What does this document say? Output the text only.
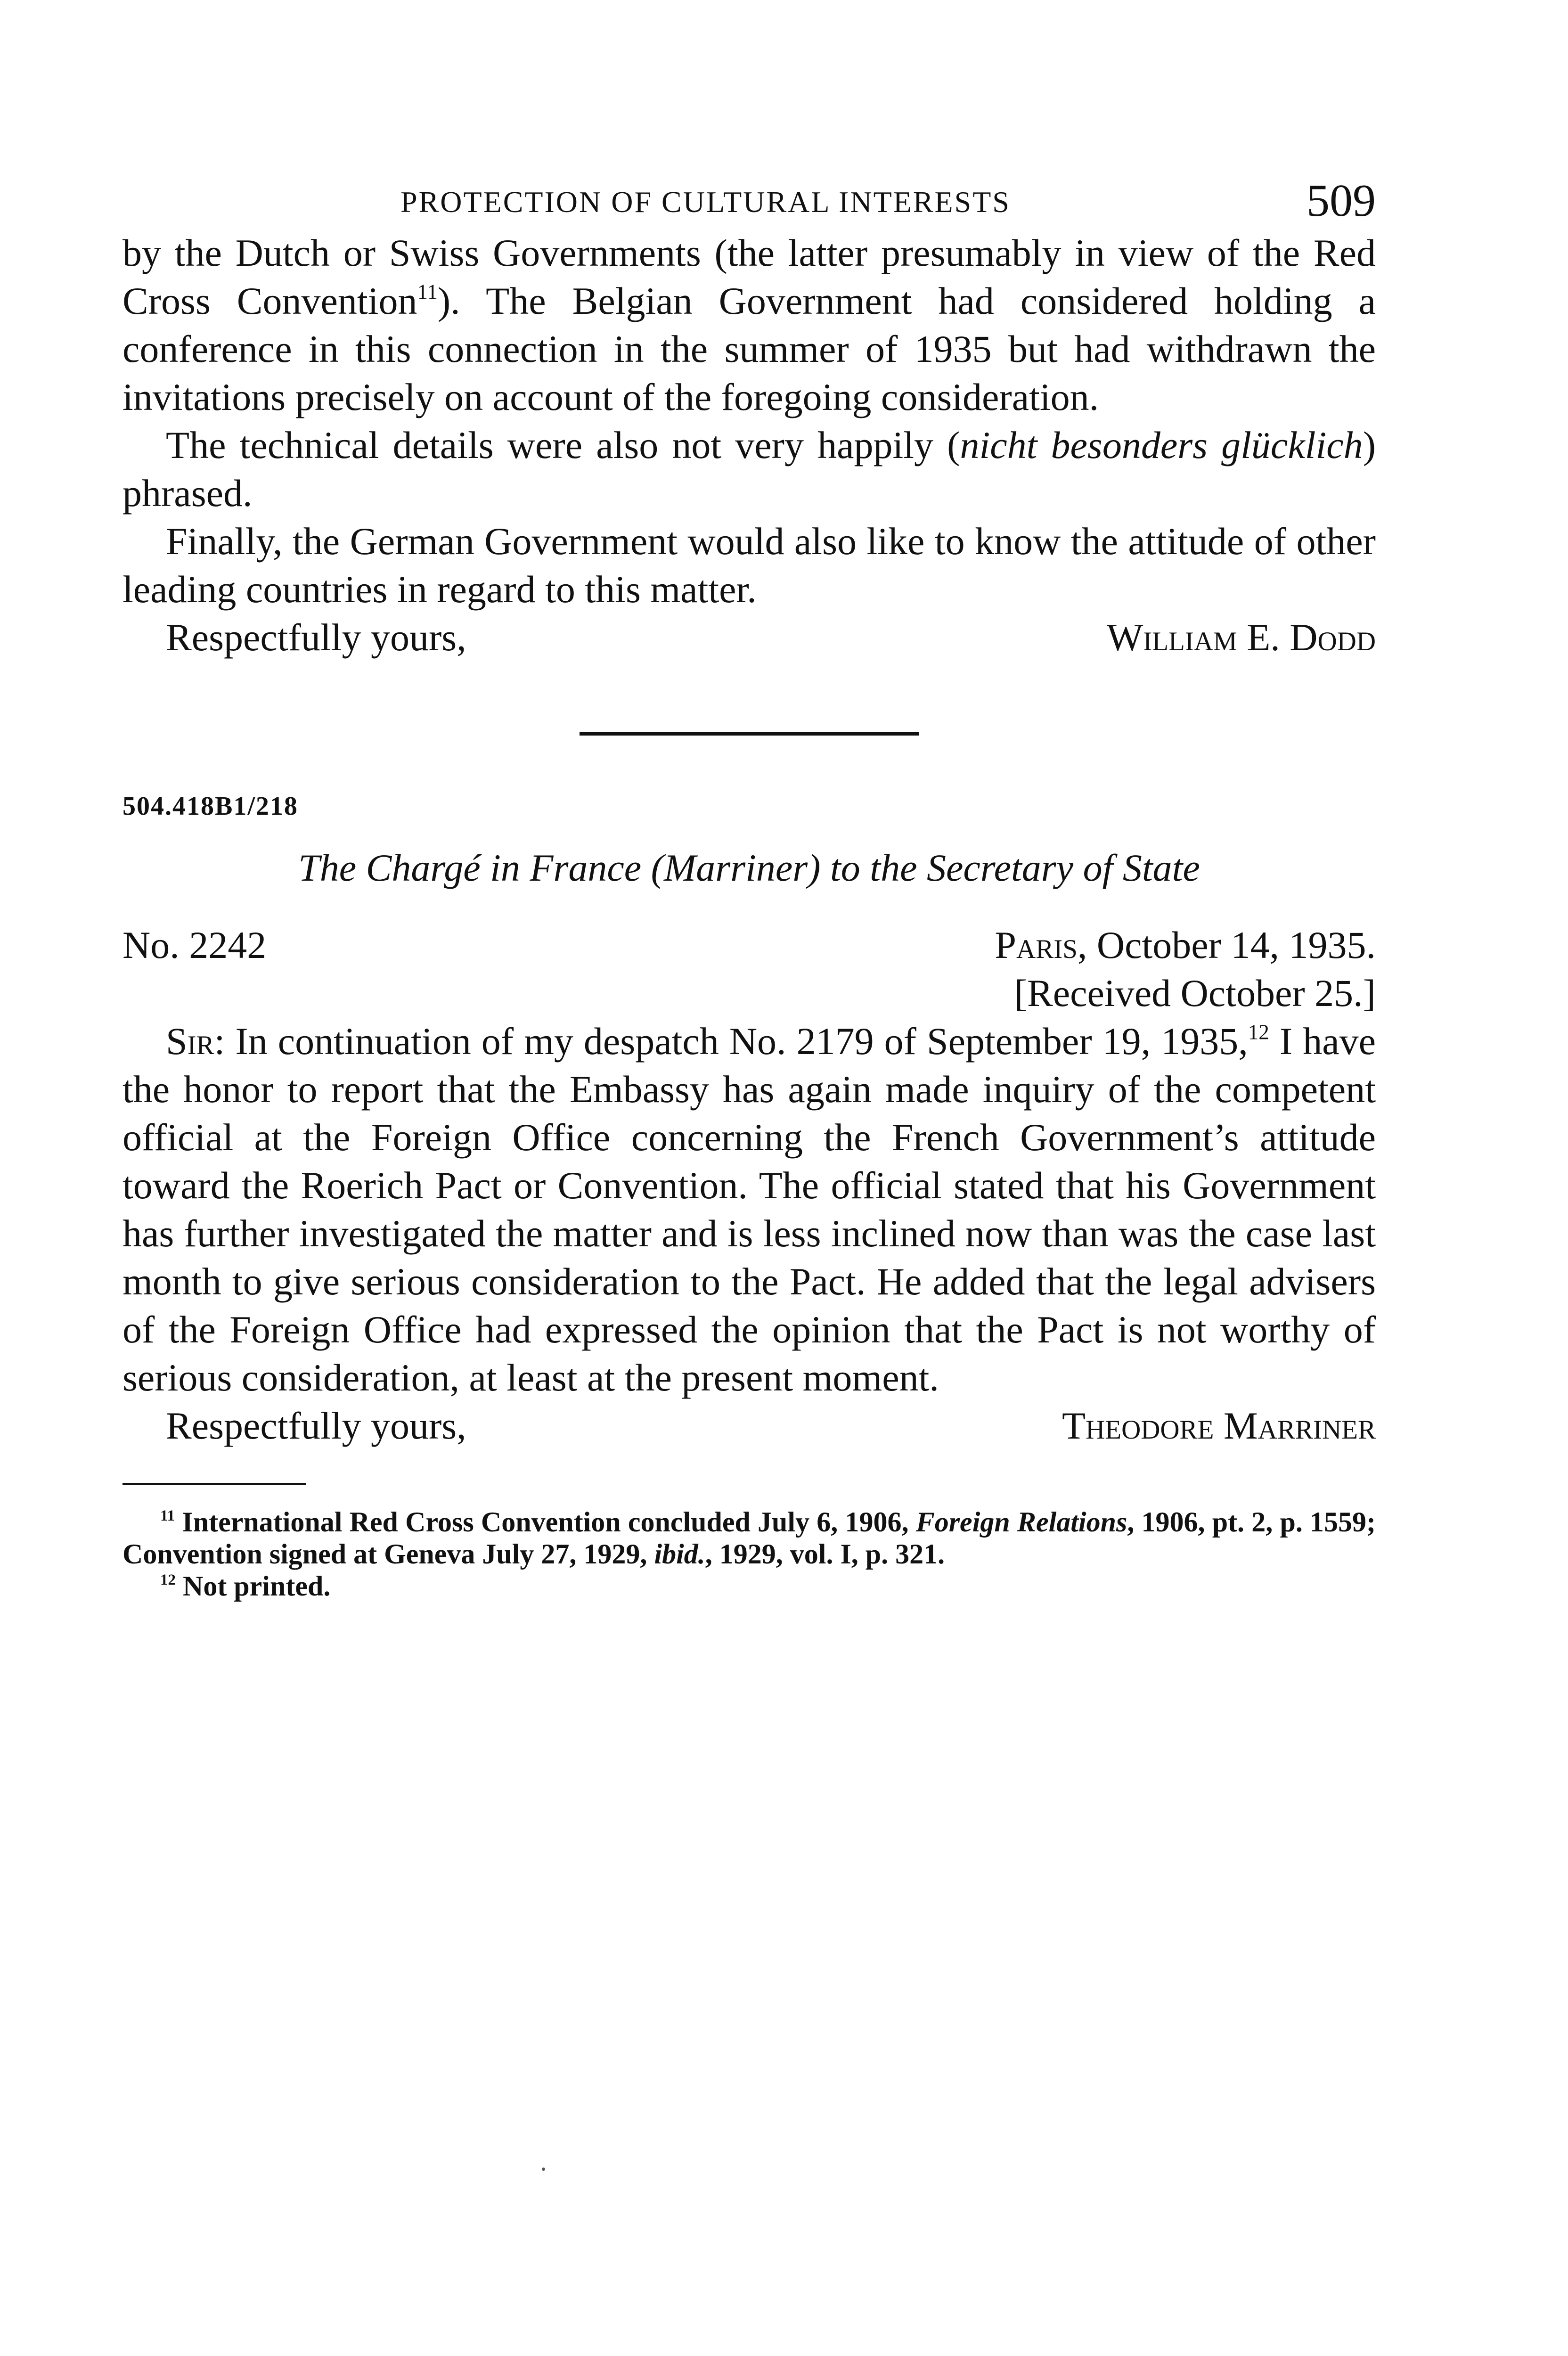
PROTECTION OF CULTURAL INTERESTS	509

by the Dutch or Swiss Governments (the latter presumably in view of the Red Cross Convention$^{11}$). The Belgian Government had considered holding a conference in this connection in the summer of 1935 but had withdrawn the invitations precisely on account of the foregoing consideration.

The technical details were also not very happily (nicht besonders glücklich) phrased.

Finally, the German Government would also like to know the attitude of other leading countries in regard to this matter.

Respectfully yours,	William E. Dodd
504.418B1/218
The Chargé in France (Marriner) to the Secretary of State
No. 2242	Paris, October 14, 1935.
[Received October 25.]

Sir: In continuation of my despatch No. 2179 of September 19, 1935,12 I have the honor to report that the Embassy has again made inquiry of the competent official at the Foreign Office concerning the French Government’s attitude toward the Roerich Pact or Convention. The official stated that his Government has further investigated the matter and is less inclined now than was the case last month to give serious consideration to the Pact. He added that the legal advisers of the Foreign Office had expressed the opinion that the Pact is not worthy of serious consideration, at least at the present moment.

Respectfully yours,	Theodore Marriner

$^{11}$ International Red Cross Convention concluded July 6, 1906, Foreign Relations, 1906, pt. 2, p. 1559; Convention signed at Geneva July 27, 1929, ibid., 1929, vol. I, p. 321.

$^{12}$ Not printed.
